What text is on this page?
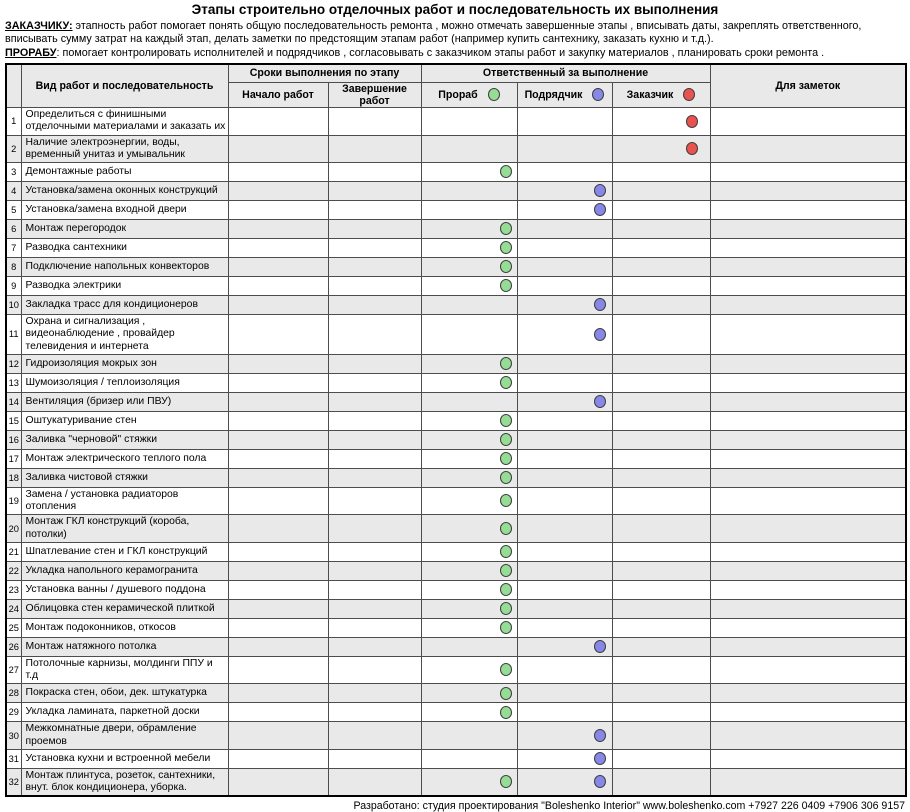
Этапы строительно отделочных работ и последовательность их выполнения

ЗАКАЗЧИКУ: этапность работ помогает понять общую последовательность ремонта , можно отмечать завершенные этапы , вписывать даты, закреплять ответственного, вписывать сумму затрат на каждый этап, делать заметки по предстоящим этапам работ (например купить сантехнику, заказать кухню и т.д.).

ПРОРАБУ: помогает контролировать исполнителей и подрядчиков , согласовывать с заказчиком этапы работ и закупку материалов , планировать сроки ремонта .

	Вид работ и последовательность	Сроки выполнения по этапу		Ответственный за выполнение			Для заметок
		Начало работ	Завершение работ	Прораб	Подрядчик	Заказчик	
1	Определиться с финишными отделочными материалами и заказать их						
2	Наличие электроэнергии, воды, временный унитаз и умывальник						
3	Демонтажные работы						
4	Установка/замена оконных конструкций						
5	Установка/замена входной двери						
6	Монтаж перегородок						
7	Разводка сантехники						
8	Подключение напольных конвекторов						
9	Разводка электрики						
10	Закладка трасс для кондиционеров						
11	Охрана и сигнализация , видеонаблюдение , провайдер телевидения и интернета						
12	Гидроизоляция мокрых зон						
13	Шумоизоляция / теплоизоляция						
14	Вентиляция (бризер или ПВУ)						
15	Оштукатуривание стен						
16	Заливка "черновой" стяжки						
17	Монтаж электрического теплого пола						
18	Заливка чистовой стяжки						
19	Замена / установка радиаторов отопления						
20	Монтаж ГКЛ конструкций (короба, потолки)						
21	Шпатлевание стен и ГКЛ конструкций						
22	Укладка напольного керамогранита						
23	Установка ванны / душевого поддона						
24	Облицовка стен керамической плиткой						
25	Монтаж подоконников, откосов						
26	Монтаж натяжного потолка						
27	Потолочные карнизы, молдинги ППУ и т.д						
28	Покраска стен, обои, дек. штукатурка						
29	Укладка ламината, паркетной доски						
30	Межкомнатные двери, обрамление проемов						
31	Установка кухни и встроенной мебели						
32	Монтаж плинтуса, розеток, сантехники, внут. блок кондиционера, уборка.						
Разработано: студия проектирования "Boleshenko Interior" www.boleshenko.com +7927 226 0409 +7906 306 9157
